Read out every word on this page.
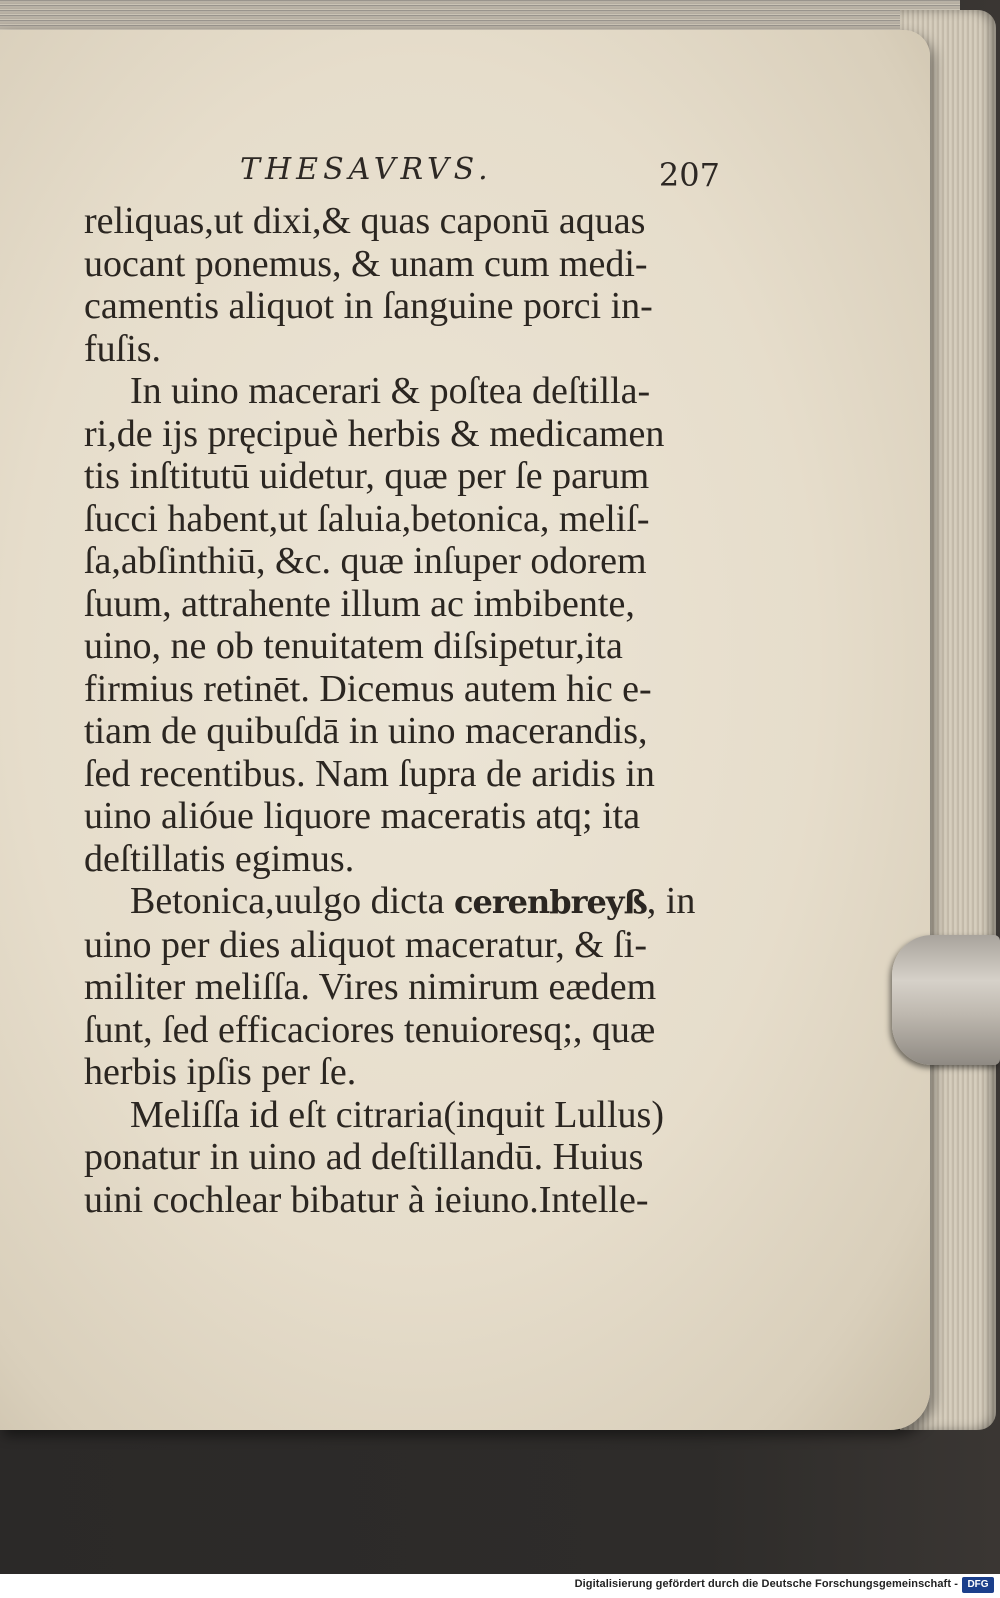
THESAVRVS.	207
reliquas,ut dixi,& quas caponū aquas
uocant ponemus, & unam cum medi-
camentis aliquot in ſanguine porci in-
fuſis.
In uino macerari & poſtea deſtilla-
ri,de ijs pręcipuè herbis & medicamen
tis inſtitutū uidetur, quæ per ſe parum
ſucci habent,ut ſaluia,betonica, meliſ-
ſa,abſinthiū, &c. quæ inſuper odorem
ſuum, attrahente illum ac imbibente,
uino, ne ob tenuitatem diſsipetur,ita
firmius retinēt. Dicemus autem hic e-
tiam de quibuſdā in uino macerandis,
ſed recentibus. Nam ſupra de aridis in
uino alióue liquore maceratis atq; ita
deſtillatis egimus.
Betonica,uulgo dicta cerenbreyß, in
uino per dies aliquot maceratur, & ſi-
militer meliſſa. Vires nimirum eædem
ſunt, ſed efficaciores tenuioresq;, quæ
herbis ipſis per ſe.
Meliſſa id eſt citraria(inquit Lullus)
ponatur in uino ad deſtillandū. Huius
uini cochlear bibatur à ieiuno.Intelle-
Digitalisierung gefördert durch die Deutsche Forschungsgemeinschaft - DFG
